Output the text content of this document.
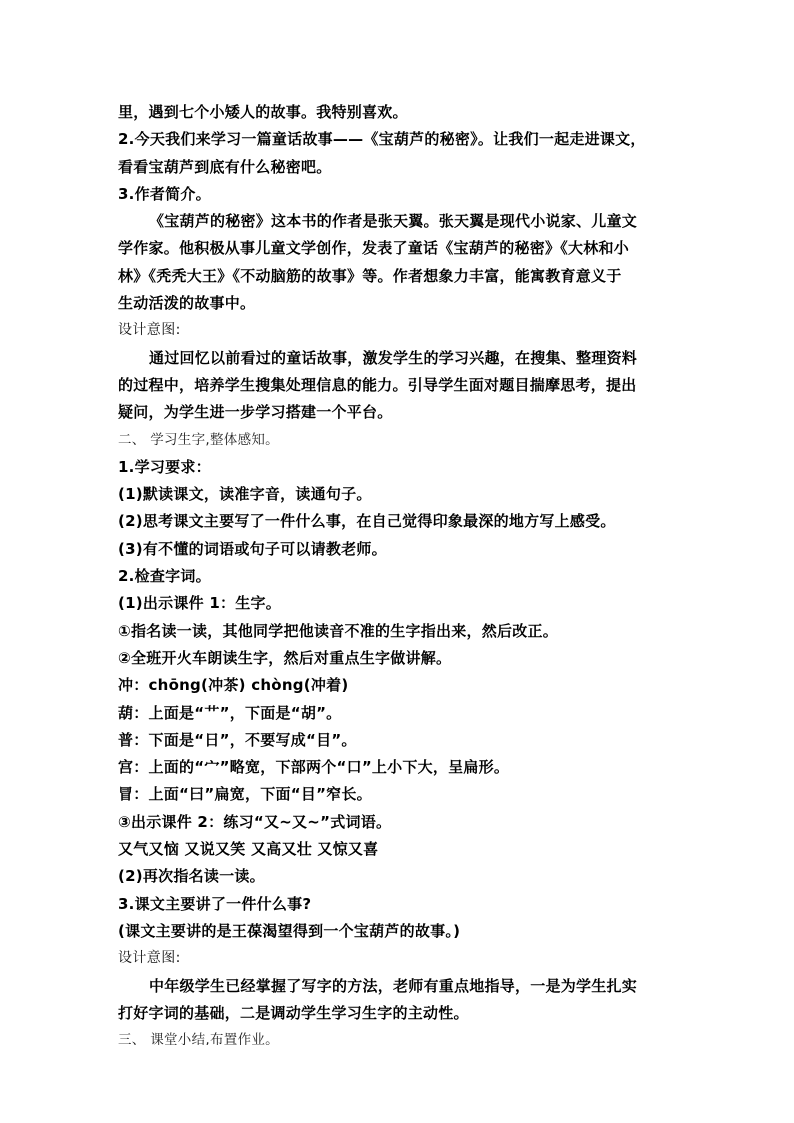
里，遇到七个小矮人的故事。我特别喜欢。
2.今天我们来学习一篇童话故事——《宝葫芦的秘密》。让我们一起走进课文，
看看宝葫芦到底有什么秘密吧。
3.作者简介。
《宝葫芦的秘密》这本书的作者是张天翼。张天翼是现代小说家、儿童文
学作家。他积极从事儿童文学创作，发表了童话《宝葫芦的秘密》《大林和小
林》《秃秃大王》《不动脑筋的故事》等。作者想象力丰富，能寓教育意义于
生动活泼的故事中。
设计意图:
通过回忆以前看过的童话故事，激发学生的学习兴趣，在搜集、整理资料
的过程中，培养学生搜集处理信息的能力。引导学生面对题目揣摩思考，提出
疑问，为学生进一步学习搭建一个平台。
二、 学习生字,整体感知。
1.学习要求：
(1)默读课文，读准字音，读通句子。
(2)思考课文主要写了一件什么事，在自己觉得印象最深的地方写上感受。
(3)有不懂的词语或句子可以请教老师。
2.检查字词。
(1)出示课件 1：生字。
①指名读一读，其他同学把他读音不准的生字指出来，然后改正。
②全班开火车朗读生字，然后对重点生字做讲解。
冲：chōng(冲茶) chòng(冲着)
葫：上面是“艹”，下面是“胡”。
普：下面是“日”，不要写成“目”。
宫：上面的“宀”略宽，下部两个“口”上小下大，呈扁形。
冒：上面“曰”扁宽，下面“目”窄长。
③出示课件 2：练习“又~又~”式词语。
又气又恼 又说又笑 又高又壮 又惊又喜
(2)再次指名读一读。
3.课文主要讲了一件什么事?
(课文主要讲的是王葆渴望得到一个宝葫芦的故事。)
设计意图:
中年级学生已经掌握了写字的方法，老师有重点地指导，一是为学生扎实
打好字词的基础，二是调动学生学习生字的主动性。
三、 课堂小结,布置作业。
